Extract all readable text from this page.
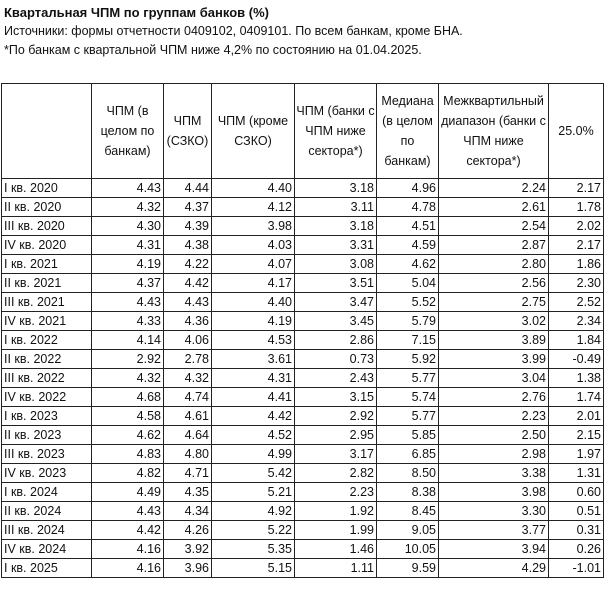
Квартальная ЧПМ по группам банков (%)
Источники: формы отчетности 0409102, 0409101. По всем банкам, кроме БНА.
*По банкам с квартальной ЧПМ ниже 4,2% по состоянию на 01.04.2025.
	ЧПМ (в целом по банкам)	ЧПМ (СЗКО)	ЧПМ (кроме СЗКО)	ЧПМ (банки с ЧПМ ниже сектора*)	Медиана (в целом по банкам)	Межквартильный диапазон (банки с ЧПМ ниже сектора*)	25.0%
I кв. 2020	4.43	4.44	4.40	3.18	4.96	2.24	2.17
II кв. 2020	4.32	4.37	4.12	3.11	4.78	2.61	1.78
III кв. 2020	4.30	4.39	3.98	3.18	4.51	2.54	2.02
IV кв. 2020	4.31	4.38	4.03	3.31	4.59	2.87	2.17
I кв. 2021	4.19	4.22	4.07	3.08	4.62	2.80	1.86
II кв. 2021	4.37	4.42	4.17	3.51	5.04	2.56	2.30
III кв. 2021	4.43	4.43	4.40	3.47	5.52	2.75	2.52
IV кв. 2021	4.33	4.36	4.19	3.45	5.79	3.02	2.34
I кв. 2022	4.14	4.06	4.53	2.86	7.15	3.89	1.84
II кв. 2022	2.92	2.78	3.61	0.73	5.92	3.99	-0.49
III кв. 2022	4.32	4.32	4.31	2.43	5.77	3.04	1.38
IV кв. 2022	4.68	4.74	4.41	3.15	5.74	2.76	1.74
I кв. 2023	4.58	4.61	4.42	2.92	5.77	2.23	2.01
II кв. 2023	4.62	4.64	4.52	2.95	5.85	2.50	2.15
III кв. 2023	4.83	4.80	4.99	3.17	6.85	2.98	1.97
IV кв. 2023	4.82	4.71	5.42	2.82	8.50	3.38	1.31
I кв. 2024	4.49	4.35	5.21	2.23	8.38	3.98	0.60
II кв. 2024	4.43	4.34	4.92	1.92	8.45	3.30	0.51
III кв. 2024	4.42	4.26	5.22	1.99	9.05	3.77	0.31
IV кв. 2024	4.16	3.92	5.35	1.46	10.05	3.94	0.26
I кв. 2025	4.16	3.96	5.15	1.11	9.59	4.29	-1.01
